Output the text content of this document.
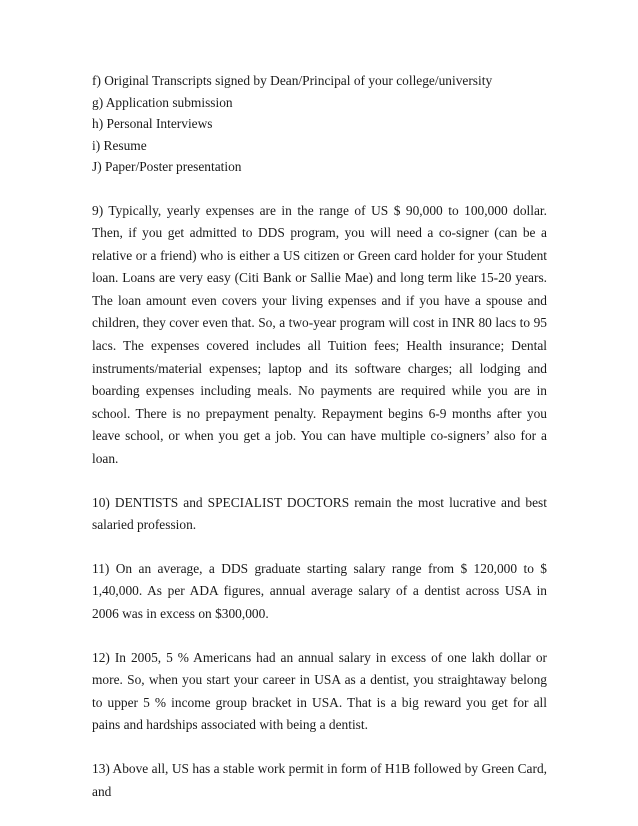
f) Original Transcripts signed by Dean/Principal of your college/university

g) Application submission

h) Personal Interviews

i) Resume

J) Paper/Poster presentation

9) Typically, yearly expenses are in the range of US $ 90,000 to 100,000 dollar. Then, if you get admitted to DDS program, you will need a co-signer (can be a relative or a friend) who is either a US citizen or Green card holder for your Student loan. Loans are very easy (Citi Bank or Sallie Mae) and long term like 15-20 years. The loan amount even covers your living expenses and if you have a spouse and children, they cover even that. So, a two-year program will cost in INR 80 lacs to 95 lacs. The expenses covered includes all Tuition fees; Health insurance; Dental instruments/material expenses; laptop and its software charges; all lodging and boarding expenses including meals. No payments are required while you are in school. There is no prepayment penalty. Repayment begins 6-9 months after you leave school, or when you get a job. You can have multiple co-signers’ also for a loan.

10) DENTISTS and SPECIALIST DOCTORS remain the most lucrative and best salaried profession.

11) On an average, a DDS graduate starting salary range from $ 120,000 to $ 1,40,000. As per ADA figures, annual average salary of a dentist across USA in 2006 was in excess on $300,000.

12) In 2005, 5 % Americans had an annual salary in excess of one lakh dollar or more. So, when you start your career in USA as a dentist, you straightaway belong to upper 5 % income group bracket in USA. That is a big reward you get for all pains and hardships associated with being a dentist.

13) Above all, US has a stable work permit in form of H1B followed by Green Card, and
